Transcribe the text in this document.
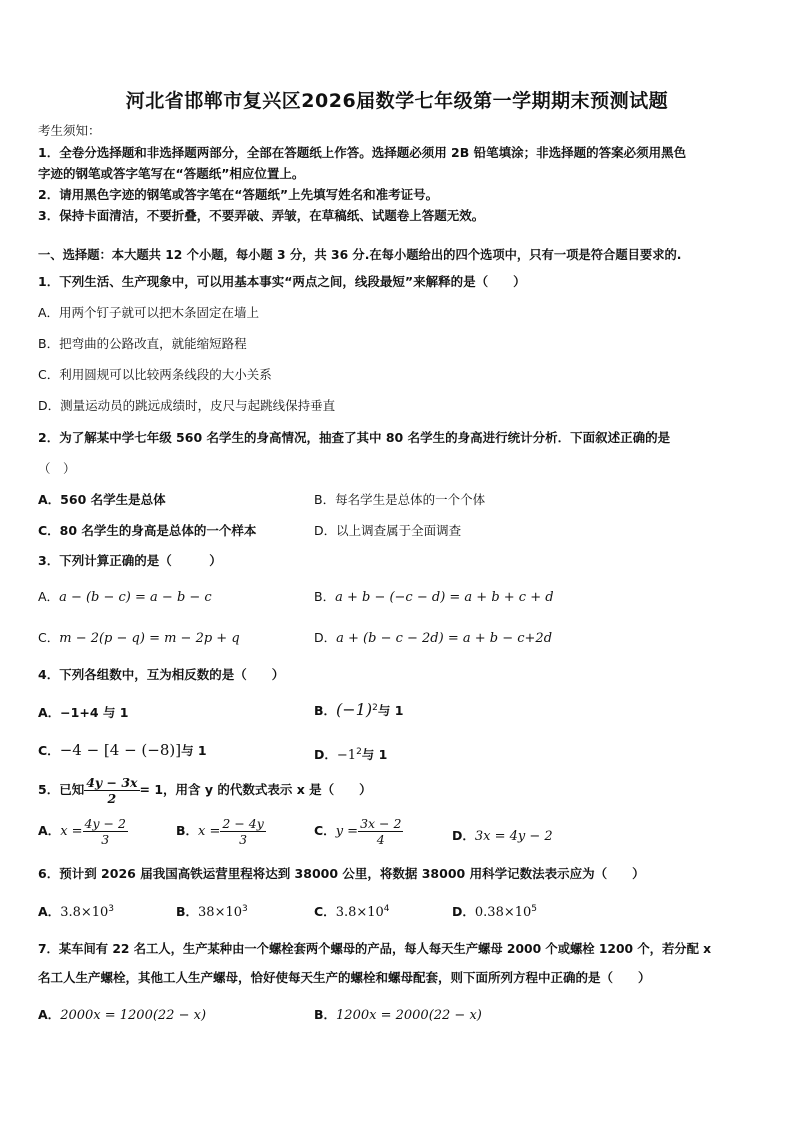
河北省邯郸市复兴区2026届数学七年级第一学期期末预测试题
考生须知：
1．全卷分选择题和非选择题两部分，全部在答题纸上作答。选择题必须用 2B 铅笔填涂；非选择题的答案必须用黑色
字迹的钢笔或答字笔写在“答题纸”相应位置上。
2．请用黑色字迹的钢笔或答字笔在“答题纸”上先填写姓名和准考证号。
3．保持卡面清洁，不要折叠，不要弄破、弄皱，在草稿纸、试题卷上答题无效。
一、选择题：本大题共 12 个小题，每小题 3 分，共 36 分.在每小题给出的四个选项中，只有一项是符合题目要求的.
1．下列生活、生产现象中，可以用基本事实“两点之间，线段最短”来解释的是（　　）
A．用两个钉子就可以把木条固定在墙上
B．把弯曲的公路改直，就能缩短路程
C．利用圆规可以比较两条线段的大小关系
D．测量运动员的跳远成绩时，皮尺与起跳线保持垂直
2．为了解某中学七年级 560 名学生的身高情况，抽查了其中 80 名学生的身高进行统计分析．下面叙述正确的是
（　）
A．560 名学生是总体	B．每名学生是总体的一个个体
C．80 名学生的身高是总体的一个样本	D．以上调查属于全面调查
3．下列计算正确的是（　　　）
A．a − (b − c) = a − b − c	B．a + b − (−c − d) = a + b + c + d
C．m − 2(p − q) = m − 2p + q	D．a + (b − c − 2d) = a + b − c+2d
4．下列各组数中，互为相反数的是（　　）
A．−1+4 与 1	B．$(-1)^2$与 1
C．−4 − [4 − (−8)]与 1	D．$-1^2$与 1
5．已知 $\frac{4y - 3x}{2} = 1$，用含 y 的代数式表示 x 是（　　）
A．$x = \frac{4y - 2}{3}$	B．$x = \frac{2 - 4y}{3}$	C．$y = \frac{3x - 2}{4}$	D．3x = 4y − 2
6．预计到 2026 届我国高铁运营里程将达到 38000 公里，将数据 38000 用科学记数法表示应为（　　）
A．$3.8\times 10^3$	B．$38\times 10^3$	C．$3.8\times 10^4$	D．$0.38\times 10^5$
7．某车间有 22 名工人，生产某种由一个螺栓套两个螺母的产品，每人每天生产螺母 2000 个或螺栓 1200 个，若分配 x
名工人生产螺栓，其他工人生产螺母，恰好使每天生产的螺栓和螺母配套，则下面所列方程中正确的是（　　）
A．2000x = 1200(22 − x)	B．1200x = 2000(22 − x)
